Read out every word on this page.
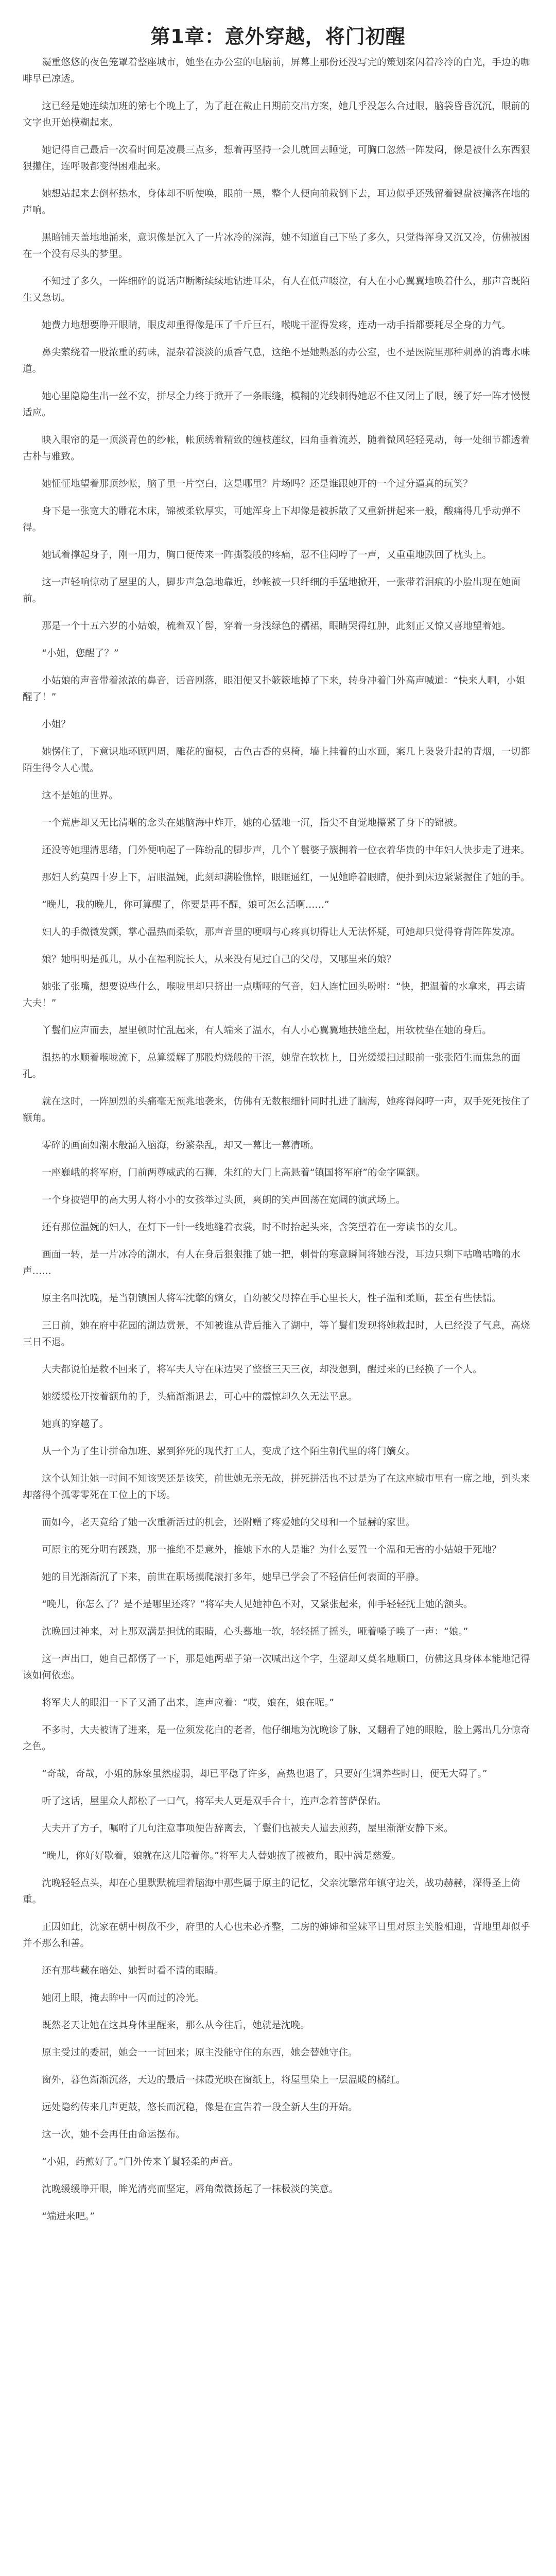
第1章：意外穿越，将门初醒

凝重悠悠的夜色笼罩着整座城市，她坐在办公室的电脑前，屏幕上那份还没写完的策划案闪着冷冷的白光，手边的咖啡早已凉透。

这已经是她连续加班的第七个晚上了，为了赶在截止日期前交出方案，她几乎没怎么合过眼，脑袋昏昏沉沉，眼前的文字也开始模糊起来。

她记得自己最后一次看时间是凌晨三点多，想着再坚持一会儿就回去睡觉，可胸口忽然一阵发闷，像是被什么东西狠狠攥住，连呼吸都变得困难起来。

她想站起来去倒杯热水，身体却不听使唤，眼前一黑，整个人便向前栽倒下去，耳边似乎还残留着键盘被撞落在地的声响。

黑暗铺天盖地地涌来，意识像是沉入了一片冰冷的深海，她不知道自己下坠了多久，只觉得浑身又沉又冷，仿佛被困在一个没有尽头的梦里。

不知过了多久，一阵细碎的说话声断断续续地钻进耳朵，有人在低声啜泣，有人在小心翼翼地唤着什么，那声音既陌生又急切。

她费力地想要睁开眼睛，眼皮却重得像是压了千斤巨石，喉咙干涩得发疼，连动一动手指都要耗尽全身的力气。

鼻尖萦绕着一股浓重的药味，混杂着淡淡的熏香气息，这绝不是她熟悉的办公室，也不是医院里那种刺鼻的消毒水味道。

她心里隐隐生出一丝不安，拼尽全力终于掀开了一条眼缝，模糊的光线刺得她忍不住又闭上了眼，缓了好一阵才慢慢适应。

映入眼帘的是一顶淡青色的纱帐，帐顶绣着精致的缠枝莲纹，四角垂着流苏，随着微风轻轻晃动，每一处细节都透着古朴与雅致。

她怔怔地望着那顶纱帐，脑子里一片空白，这是哪里？片场吗？还是谁跟她开的一个过分逼真的玩笑？

身下是一张宽大的雕花木床，锦被柔软厚实，可她浑身上下却像是被拆散了又重新拼起来一般，酸痛得几乎动弹不得。

她试着撑起身子，刚一用力，胸口便传来一阵撕裂般的疼痛，忍不住闷哼了一声，又重重地跌回了枕头上。

这一声轻响惊动了屋里的人，脚步声急急地靠近，纱帐被一只纤细的手猛地掀开，一张带着泪痕的小脸出现在她面前。

那是一个十五六岁的小姑娘，梳着双丫髻，穿着一身浅绿色的襦裙，眼睛哭得红肿，此刻正又惊又喜地望着她。

“小姐，您醒了？”

小姑娘的声音带着浓浓的鼻音，话音刚落，眼泪便又扑簌簌地掉了下来，转身冲着门外高声喊道：“快来人啊，小姐醒了！”

小姐？

她愣住了，下意识地环顾四周，雕花的窗棂，古色古香的桌椅，墙上挂着的山水画，案几上袅袅升起的青烟，一切都陌生得令人心慌。

这不是她的世界。

一个荒唐却又无比清晰的念头在她脑海中炸开，她的心猛地一沉，指尖不自觉地攥紧了身下的锦被。

还没等她理清思绪，门外便响起了一阵纷乱的脚步声，几个丫鬟婆子簇拥着一位衣着华贵的中年妇人快步走了进来。

那妇人约莫四十岁上下，眉眼温婉，此刻却满脸憔悴，眼眶通红，一见她睁着眼睛，便扑到床边紧紧握住了她的手。

“晚儿，我的晚儿，你可算醒了，你要是再不醒，娘可怎么活啊……”

妇人的手微微发颤，掌心温热而柔软，那声音里的哽咽与心疼真切得让人无法怀疑，可她却只觉得脊背阵阵发凉。

娘？她明明是孤儿，从小在福利院长大，从来没有见过自己的父母，又哪里来的娘？

她张了张嘴，想要说些什么，喉咙里却只挤出一点嘶哑的气音，妇人连忙回头吩咐：“快，把温着的水拿来，再去请大夫！”

丫鬟们应声而去，屋里顿时忙乱起来，有人端来了温水，有人小心翼翼地扶她坐起，用软枕垫在她的身后。

温热的水顺着喉咙流下，总算缓解了那股灼烧般的干涩，她靠在软枕上，目光缓缓扫过眼前一张张陌生而焦急的面孔。

就在这时，一阵剧烈的头痛毫无预兆地袭来，仿佛有无数根细针同时扎进了脑海，她疼得闷哼一声，双手死死按住了额角。

零碎的画面如潮水般涌入脑海，纷繁杂乱，却又一幕比一幕清晰。

一座巍峨的将军府，门前两尊威武的石狮，朱红的大门上高悬着“镇国将军府”的金字匾额。

一个身披铠甲的高大男人将小小的女孩举过头顶，爽朗的笑声回荡在宽阔的演武场上。

还有那位温婉的妇人，在灯下一针一线地缝着衣裳，时不时抬起头来，含笑望着在一旁读书的女儿。

画面一转，是一片冰冷的湖水，有人在身后狠狠推了她一把，刺骨的寒意瞬间将她吞没，耳边只剩下咕噜咕噜的水声……

原主名叫沈晚，是当朝镇国大将军沈擎的嫡女，自幼被父母捧在手心里长大，性子温和柔顺，甚至有些怯懦。

三日前，她在府中花园的湖边赏景，不知被谁从背后推入了湖中，等丫鬟们发现将她救起时，人已经没了气息，高烧三日不退。

大夫都说怕是救不回来了，将军夫人守在床边哭了整整三天三夜，却没想到，醒过来的已经换了一个人。

她缓缓松开按着额角的手，头痛渐渐退去，可心中的震惊却久久无法平息。

她真的穿越了。

从一个为了生计拼命加班、累到猝死的现代打工人，变成了这个陌生朝代里的将门嫡女。

这个认知让她一时间不知该哭还是该笑，前世她无亲无故，拼死拼活也不过是为了在这座城市里有一席之地，到头来却落得个孤零零死在工位上的下场。

而如今，老天竟给了她一次重新活过的机会，还附赠了疼爱她的父母和一个显赫的家世。

可原主的死分明有蹊跷，那一推绝不是意外，推她下水的人是谁？为什么要置一个温和无害的小姑娘于死地？

她的目光渐渐沉了下来，前世在职场摸爬滚打多年，她早已学会了不轻信任何表面的平静。

“晚儿，你怎么了？是不是哪里还疼？”将军夫人见她神色不对，又紧张起来，伸手轻轻抚上她的额头。

沈晚回过神来，对上那双满是担忧的眼睛，心头蓦地一软，轻轻摇了摇头，哑着嗓子唤了一声：“娘。”

这一声出口，她自己都愣了一下，那是她两辈子第一次喊出这个字，生涩却又莫名地顺口，仿佛这具身体本能地记得该如何依恋。

将军夫人的眼泪一下子又涌了出来，连声应着：“哎，娘在，娘在呢。”

不多时，大夫被请了进来，是一位须发花白的老者，他仔细地为沈晚诊了脉，又翻看了她的眼睑，脸上露出几分惊奇之色。

“奇哉，奇哉，小姐的脉象虽然虚弱，却已平稳了许多，高热也退了，只要好生调养些时日，便无大碍了。”

听了这话，屋里众人都松了一口气，将军夫人更是双手合十，连声念着菩萨保佑。

大夫开了方子，嘱咐了几句注意事项便告辞离去，丫鬟们也被夫人遣去煎药，屋里渐渐安静下来。

“晚儿，你好好歇着，娘就在这儿陪着你。”将军夫人替她掖了掖被角，眼中满是慈爱。

沈晚轻轻点头，却在心里默默梳理着脑海中那些属于原主的记忆，父亲沈擎常年镇守边关，战功赫赫，深得圣上倚重。

正因如此，沈家在朝中树敌不少，府里的人心也未必齐整，二房的婶婶和堂妹平日里对原主笑脸相迎，背地里却似乎并不那么和善。

还有那些藏在暗处、她暂时看不清的眼睛。

她闭上眼，掩去眸中一闪而过的冷光。

既然老天让她在这具身体里醒来，那么从今往后，她就是沈晚。

原主受过的委屈，她会一一讨回来；原主没能守住的东西，她会替她守住。

窗外，暮色渐渐沉落，天边的最后一抹霞光映在窗纸上，将屋里染上一层温暖的橘红。

远处隐约传来几声更鼓，悠长而沉稳，像是在宣告着一段全新人生的开始。

这一次，她不会再任由命运摆布。

“小姐，药煎好了。”门外传来丫鬟轻柔的声音。

沈晚缓缓睁开眼，眸光清亮而坚定，唇角微微扬起了一抹极淡的笑意。

“端进来吧。”
